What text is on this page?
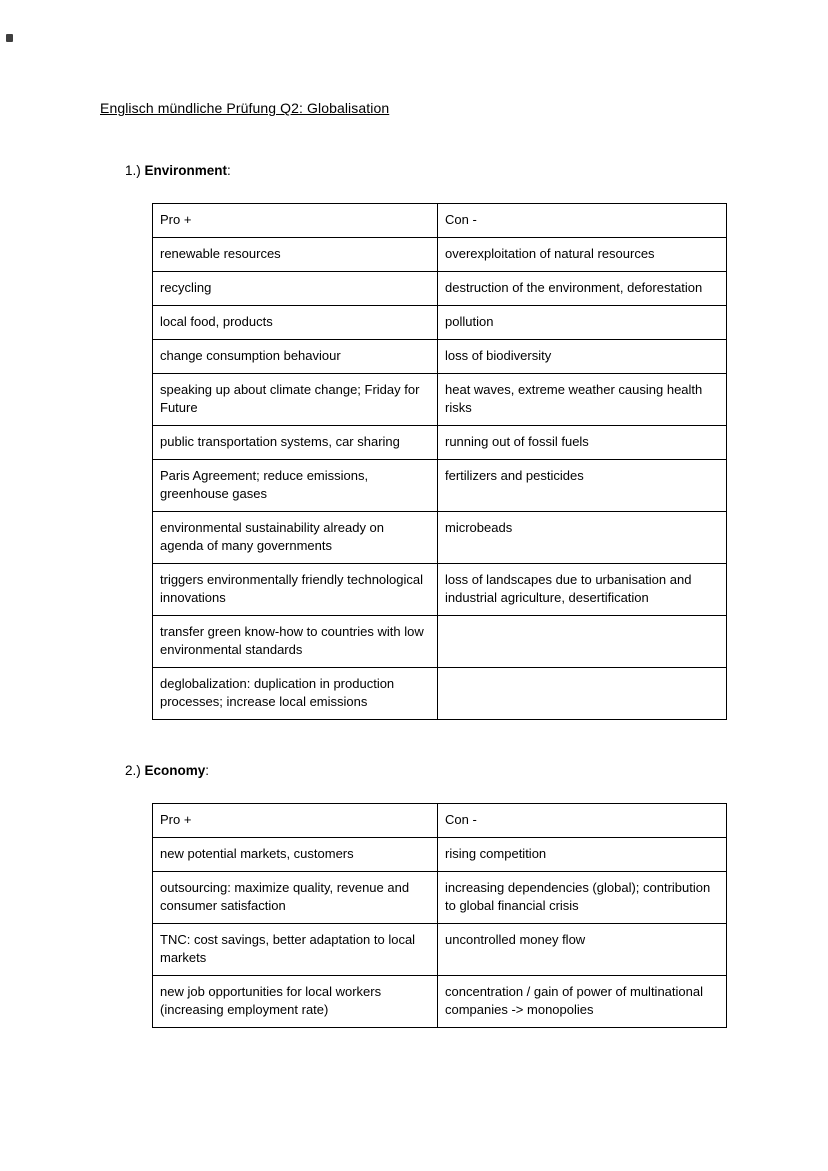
Englisch mündliche Prüfung Q2: Globalisation

1.) Environment:

Pro +	Con -
renewable resources	overexploitation of natural resources
recycling	destruction of the environment, deforestation
local food, products	pollution
change consumption behaviour	loss of biodiversity
speaking up about climate change; Friday for Future	heat waves, extreme weather causing health risks
public transportation systems, car sharing	running out of fossil fuels
Paris Agreement; reduce emissions, greenhouse gases	fertilizers and pesticides
environmental sustainability already on agenda of many governments	microbeads
triggers environmentally friendly technological innovations	loss of landscapes due to urbanisation and industrial agriculture, desertification
transfer green know-how to countries with low environmental standards	
deglobalization: duplication in production processes; increase local emissions	

2.) Economy:

Pro +	Con -
new potential markets, customers	rising competition
outsourcing: maximize quality, revenue and consumer satisfaction	increasing dependencies (global); contribution to global financial crisis
TNC: cost savings, better adaptation to local markets	uncontrolled money flow
new job opportunities for local workers (increasing employment rate)	concentration / gain of power of multinational companies -> monopolies
